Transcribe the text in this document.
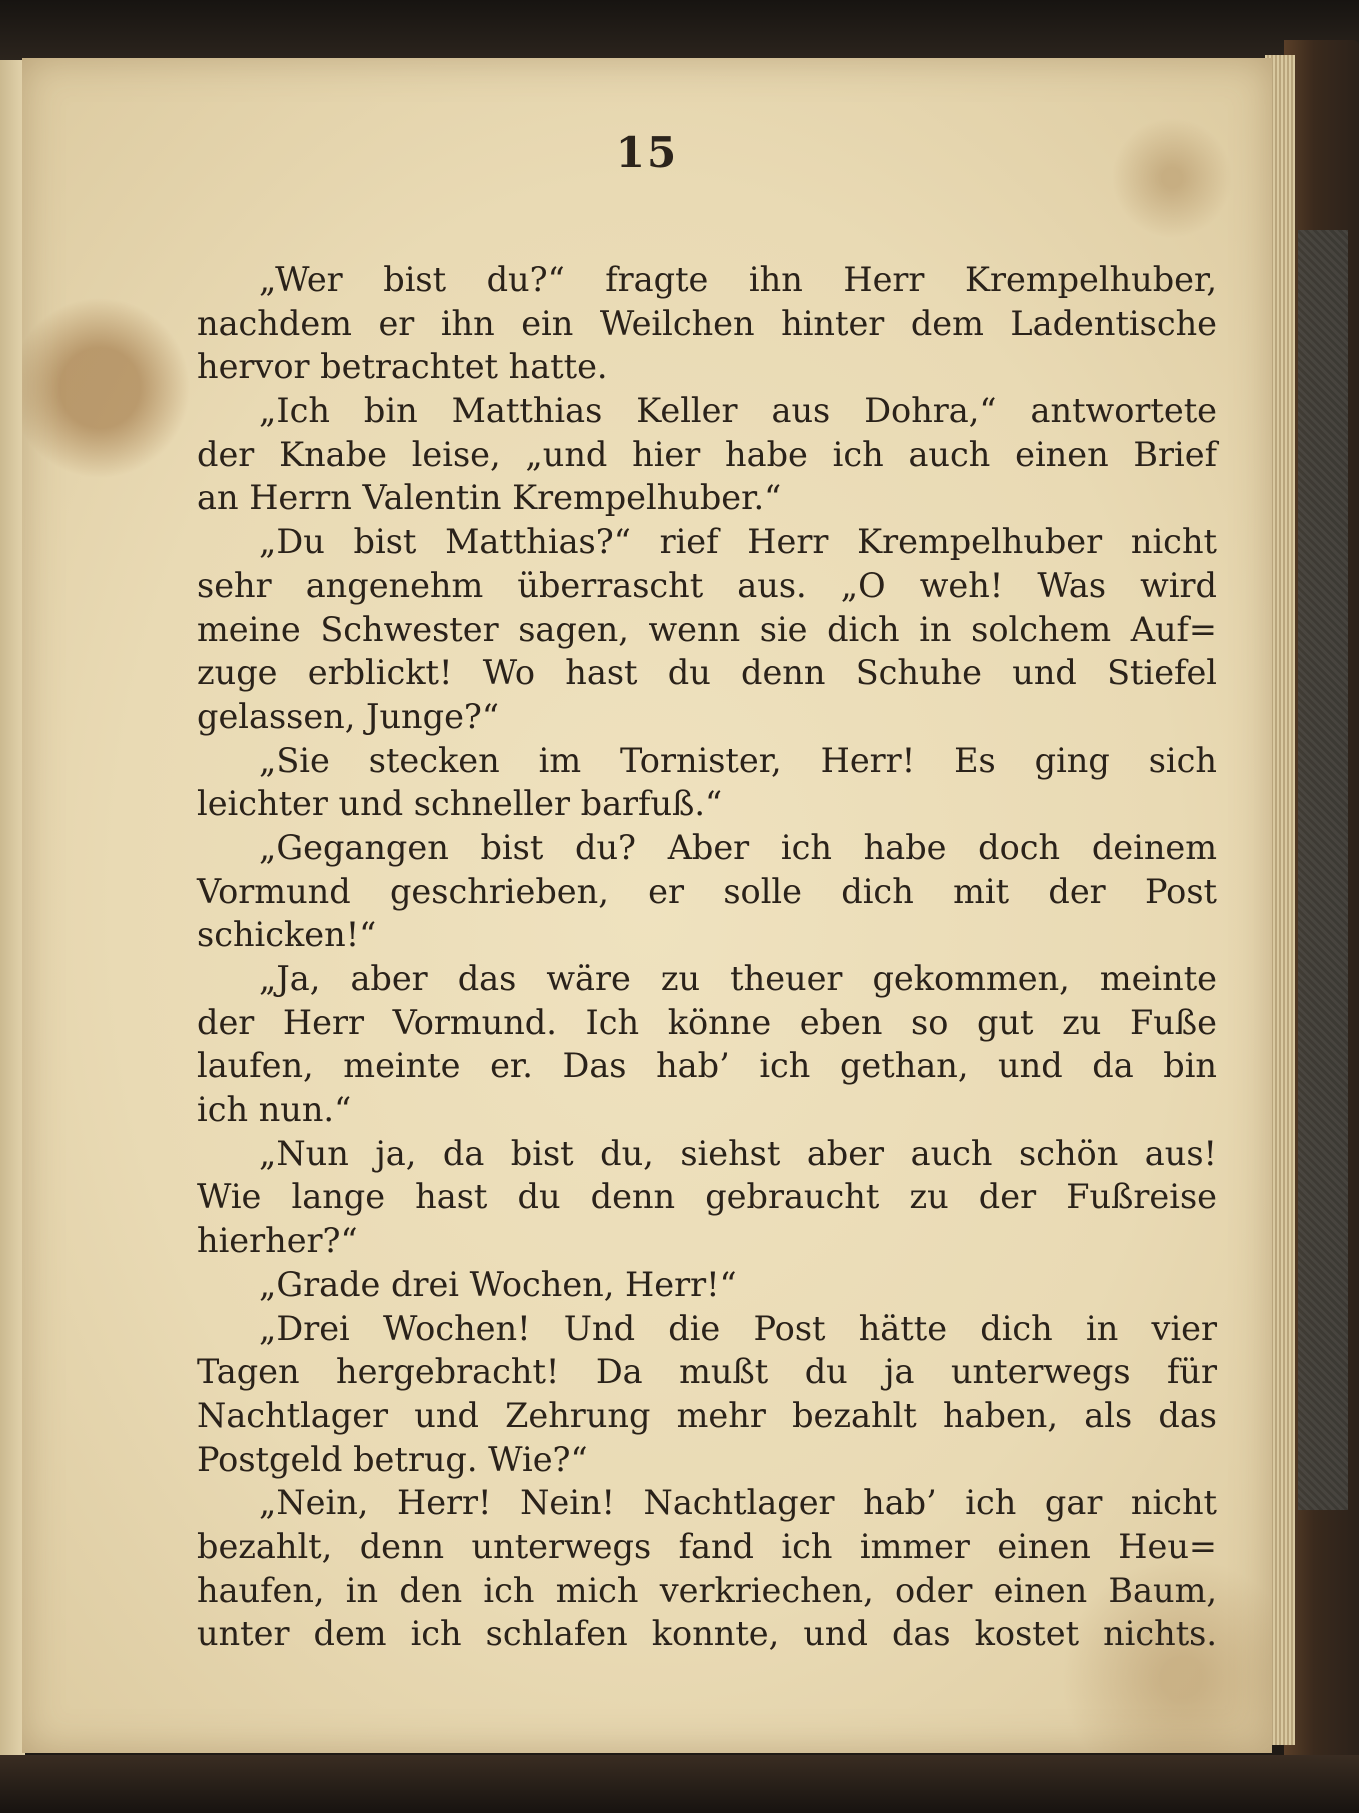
15
„Wer bist du?“ fragte ihn Herr Krempelhuber,
nachdem er ihn ein Weilchen hinter dem Ladentische
hervor betrachtet hatte.
„Ich bin Matthias Keller aus Dohra,“ antwortete
der Knabe leise, „und hier habe ich auch einen Brief
an Herrn Valentin Krempelhuber.“
„Du bist Matthias?“ rief Herr Krempelhuber nicht
sehr angenehm überrascht aus. „O weh! Was wird
meine Schwester sagen, wenn sie dich in solchem Auf=
zuge erblickt! Wo hast du denn Schuhe und Stiefel
gelassen, Junge?“
„Sie stecken im Tornister, Herr! Es ging sich
leichter und schneller barfuß.“
„Gegangen bist du? Aber ich habe doch deinem
Vormund geschrieben, er solle dich mit der Post
schicken!“
„Ja, aber das wäre zu theuer gekommen, meinte
der Herr Vormund. Ich könne eben so gut zu Fuße
laufen, meinte er. Das hab’ ich gethan, und da bin
ich nun.“
„Nun ja, da bist du, siehst aber auch schön aus!
Wie lange hast du denn gebraucht zu der Fußreise
hierher?“
„Grade drei Wochen, Herr!“
„Drei Wochen! Und die Post hätte dich in vier
Tagen hergebracht! Da mußt du ja unterwegs für
Nachtlager und Zehrung mehr bezahlt haben, als das
Postgeld betrug. Wie?“
„Nein, Herr! Nein! Nachtlager hab’ ich gar nicht
bezahlt, denn unterwegs fand ich immer einen Heu=
haufen, in den ich mich verkriechen, oder einen Baum,
unter dem ich schlafen konnte, und das kostet nichts.
